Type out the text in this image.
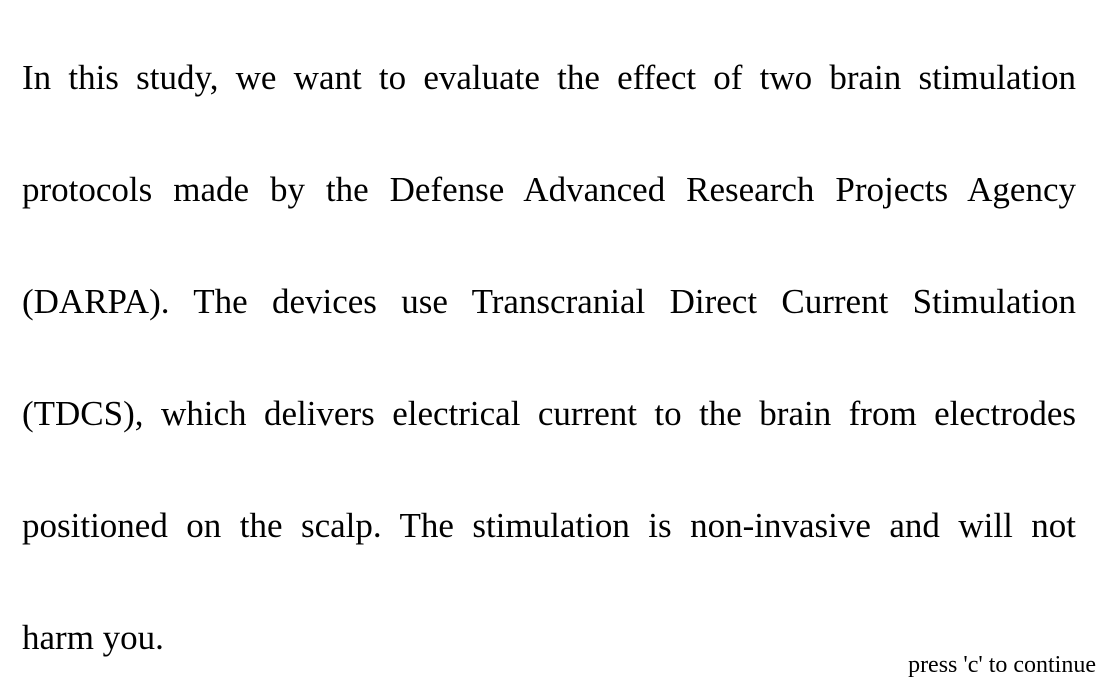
In this study, we want to evaluate the effect of two brain stimulation
protocols made by the Defense Advanced Research Projects Agency
(DARPA). The devices use Transcranial Direct Current Stimulation
(TDCS), which delivers electrical current to the brain from electrodes
positioned on the scalp. The stimulation is non-invasive and will not
harm you.
press 'c' to continue
